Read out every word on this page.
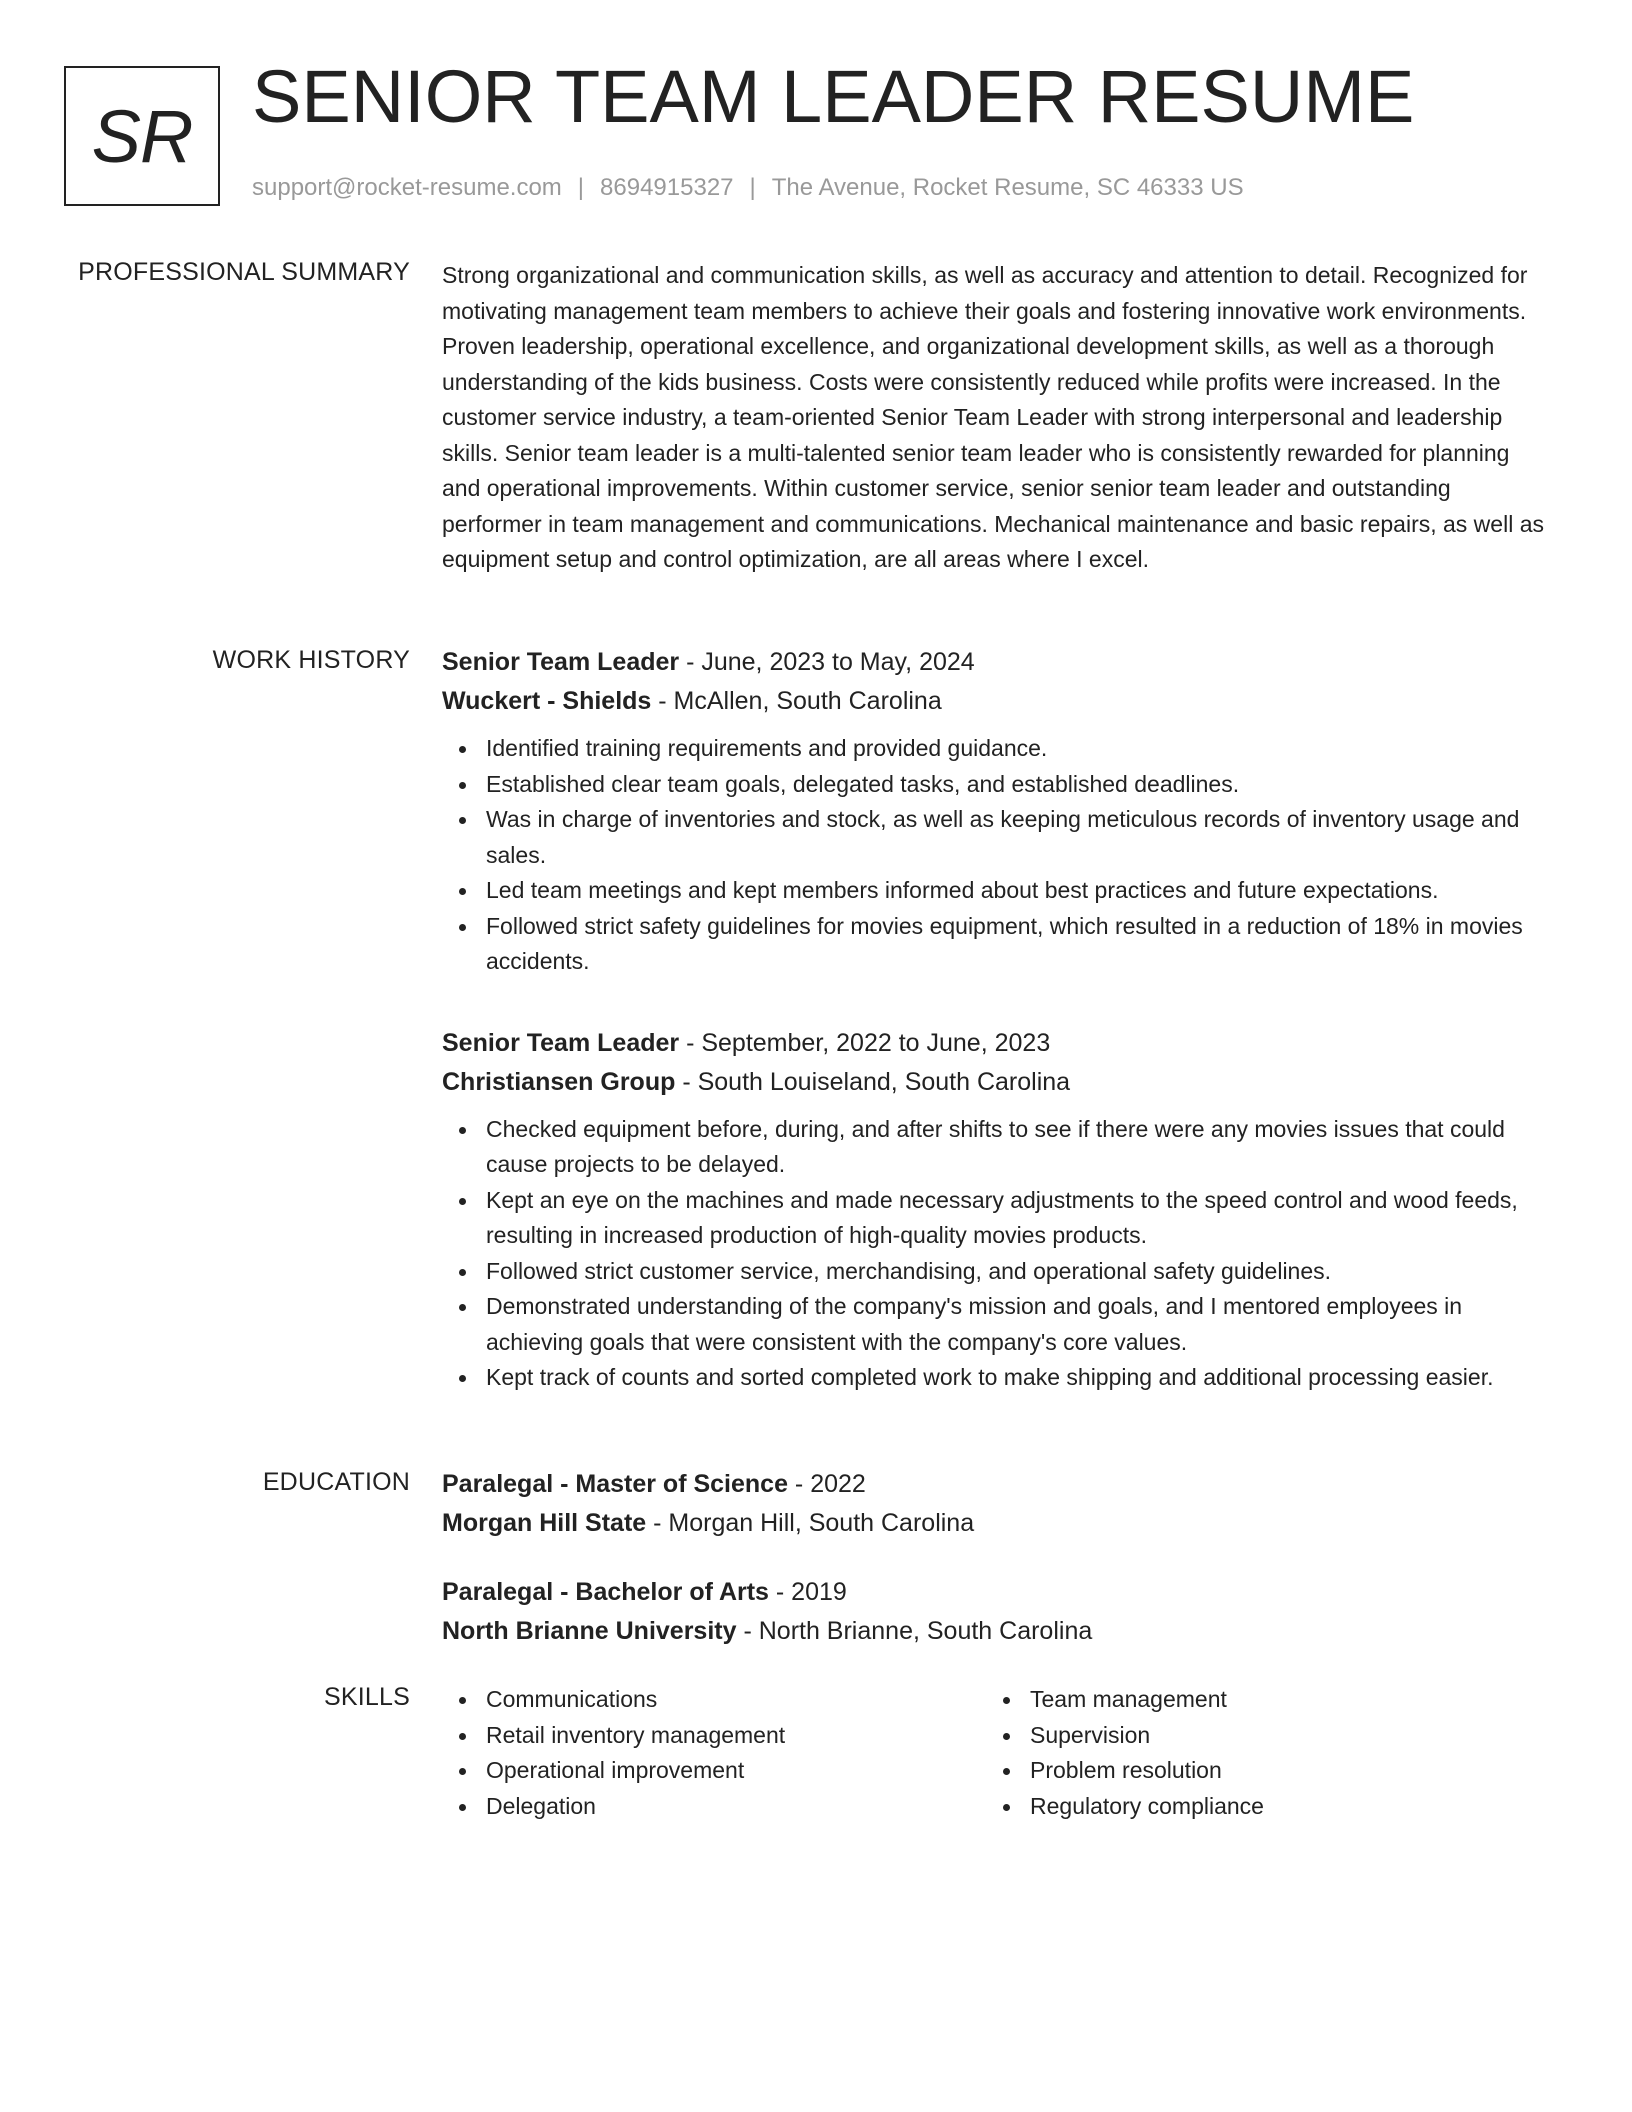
SR SENIOR TEAM LEADER RESUME
support@rocket-resume.com | 8694915327 | The Avenue, Rocket Resume, SC 46333 US
PROFESSIONAL SUMMARY Strong organizational and communication skills, as well as accuracy and attention to detail. Recognized for motivating management team members to achieve their goals and fostering innovative work environments. Proven leadership, operational excellence, and organizational development skills, as well as a thorough understanding of the kids business. Costs were consistently reduced while profits were increased. In the customer service industry, a team-oriented Senior Team Leader with strong interpersonal and leadership skills. Senior team leader is a multi-talented senior team leader who is consistently rewarded for planning and operational improvements. Within customer service, senior senior team leader and outstanding performer in team management and communications. Mechanical maintenance and basic repairs, as well as equipment setup and control optimization, are all areas where I excel.

WORK HISTORY Senior Team Leader - June, 2023 to May, 2024
Wuckert - Shields - McAllen, South Carolina
Identified training requirements and provided guidance.
Established clear team goals, delegated tasks, and established deadlines.
Was in charge of inventories and stock, as well as keeping meticulous records of inventory usage and sales.
Led team meetings and kept members informed about best practices and future expectations.
Followed strict safety guidelines for movies equipment, which resulted in a reduction of 18% in movies accidents.
Senior Team Leader - September, 2022 to June, 2023
Christiansen Group - South Louiseland, South Carolina
Checked equipment before, during, and after shifts to see if there were any movies issues that could cause projects to be delayed.
Kept an eye on the machines and made necessary adjustments to the speed control and wood feeds, resulting in increased production of high-quality movies products.
Followed strict customer service, merchandising, and operational safety guidelines.
Demonstrated understanding of the company's mission and goals, and I mentored employees in achieving goals that were consistent with the company's core values.
Kept track of counts and sorted completed work to make shipping and additional processing easier.
EDUCATION Paralegal - Master of Science - 2022
Morgan Hill State - Morgan Hill, South Carolina
Paralegal - Bachelor of Arts - 2019
North Brianne University - North Brianne, South Carolina
SKILLS	Communications
Retail inventory management
Operational improvement
Delegation
Team management
Supervision
Problem resolution
Regulatory compliance
